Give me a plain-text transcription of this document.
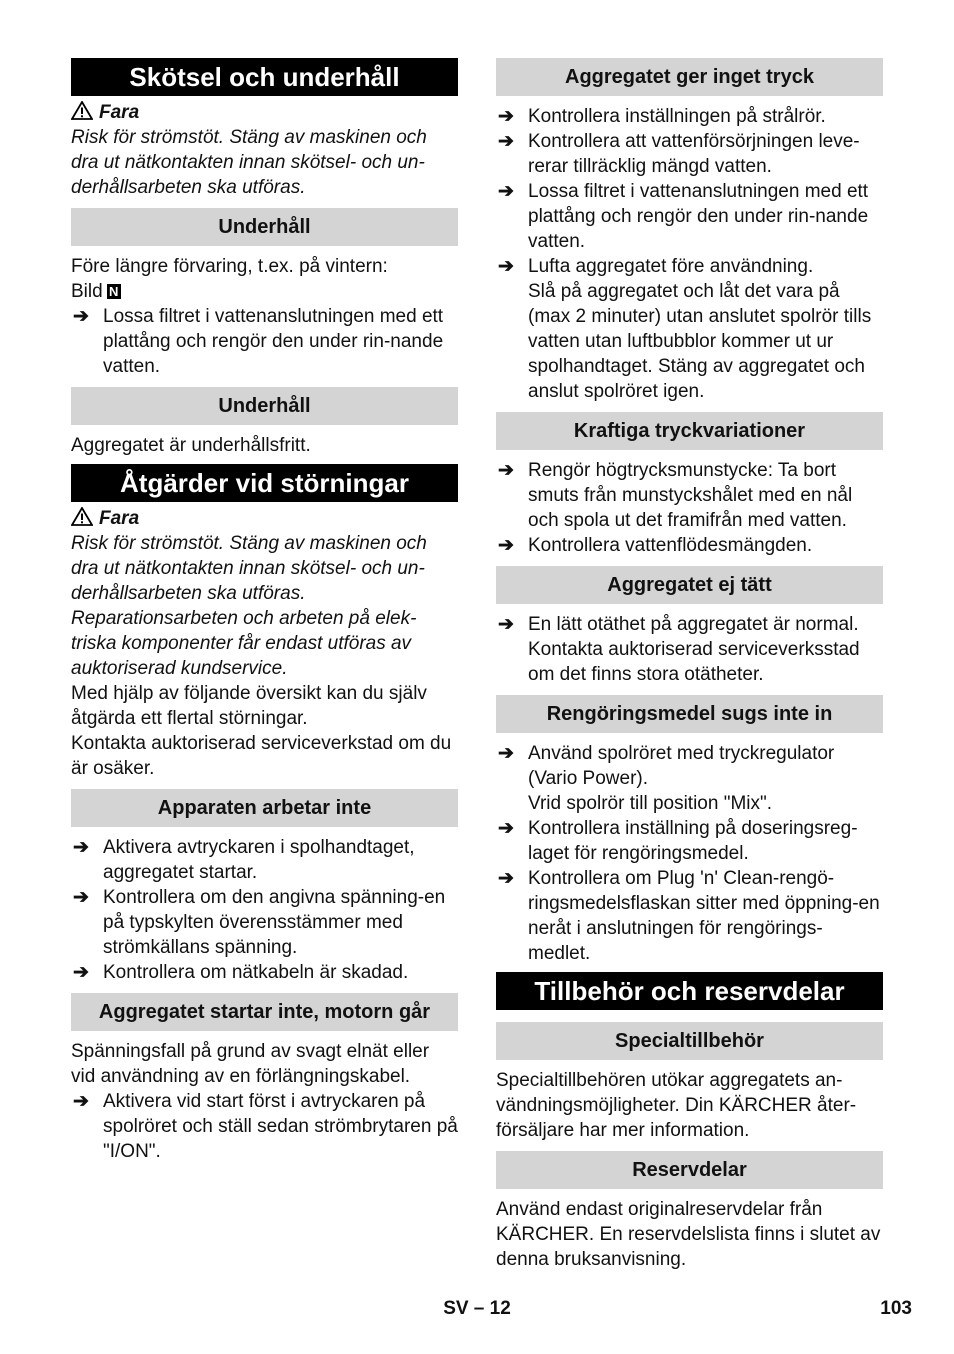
Skötsel och underhåll
Fara

Risk för strömstöt. Stäng av maskinen och dra ut nätkontakten innan skötsel- och un-derhållsarbeten ska utföras.

Underhåll

Före längre förvaring, t.ex. på vintern:

Bild N

➔ Lossa filtret i vattenanslutningen med ett plattång och rengör den under rin-nande vatten.
Underhåll

Aggregatet är underhållsfritt.

Åtgärder vid störningar
Fara

Risk för strömstöt. Stäng av maskinen och dra ut nätkontakten innan skötsel- och un-derhållsarbeten ska utföras.

Reparationsarbeten och arbeten på elek-triska komponenter får endast utföras av auktoriserad kundservice.

Med hjälp av följande översikt kan du själv åtgärda ett flertal störningar.

Kontakta auktoriserad serviceverkstad om du är osäker.

Apparaten arbetar inte
➔ Aktivera avtryckaren i spolhandtaget, aggregatet startar.
➔ Kontrollera om den angivna spänning-en på typskylten överensstämmer med strömkällans spänning.
➔ Kontrollera om nätkabeln är skadad.
Aggregatet startar inte, motorn går

Spänningsfall på grund av svagt elnät eller vid användning av en förlängningskabel.

➔ Aktivera vid start först i avtryckaren på spolröret och ställ sedan strömbrytaren på "I/ON".
Aggregatet ger inget tryck
➔ Kontrollera inställningen på strålrör.
➔ Kontrollera att vattenförsörjningen leve-rerar tillräcklig mängd vatten.
➔ Lossa filtret i vattenanslutningen med ett plattång och rengör den under rin-nande vatten.
➔ Lufta aggregatet före användning.
Slå på aggregatet och låt det vara på (max 2 minuter) utan anslutet spolrör tills vatten utan luftbubblor kommer ut ur spolhandtaget. Stäng av aggregatet och anslut spolröret igen.
Kraftiga tryckvariationer
➔ Rengör högtrycksmunstycke: Ta bort smuts från munstyckshålet med en nål och spola ut det framifrån med vatten.
➔ Kontrollera vattenflödesmängden.
Aggregatet ej tätt
➔ En lätt otäthet på aggregatet är normal.
Kontakta auktoriserad serviceverksstad om det finns stora otätheter.
Rengöringsmedel sugs inte in
➔ Använd spolröret med tryckregulator (Vario Power).
Vrid spolrör till position "Mix".
➔ Kontrollera inställning på doseringsreg-laget för rengöringsmedel.
➔ Kontrollera om Plug 'n' Clean-rengö-ringsmedelsflaskan sitter med öppning-en neråt i anslutningen för rengörings-medlet.
Tillbehör och reservdelar
Specialtillbehör

Specialtillbehören utökar aggregatets an-vändningsmöjligheter. Din KÄRCHER åter-försäljare har mer information.

Reservdelar

Använd endast originalreservdelar från KÄRCHER. En reservdelslista finns i slutet av denna bruksanvisning.

SV – 12	103
